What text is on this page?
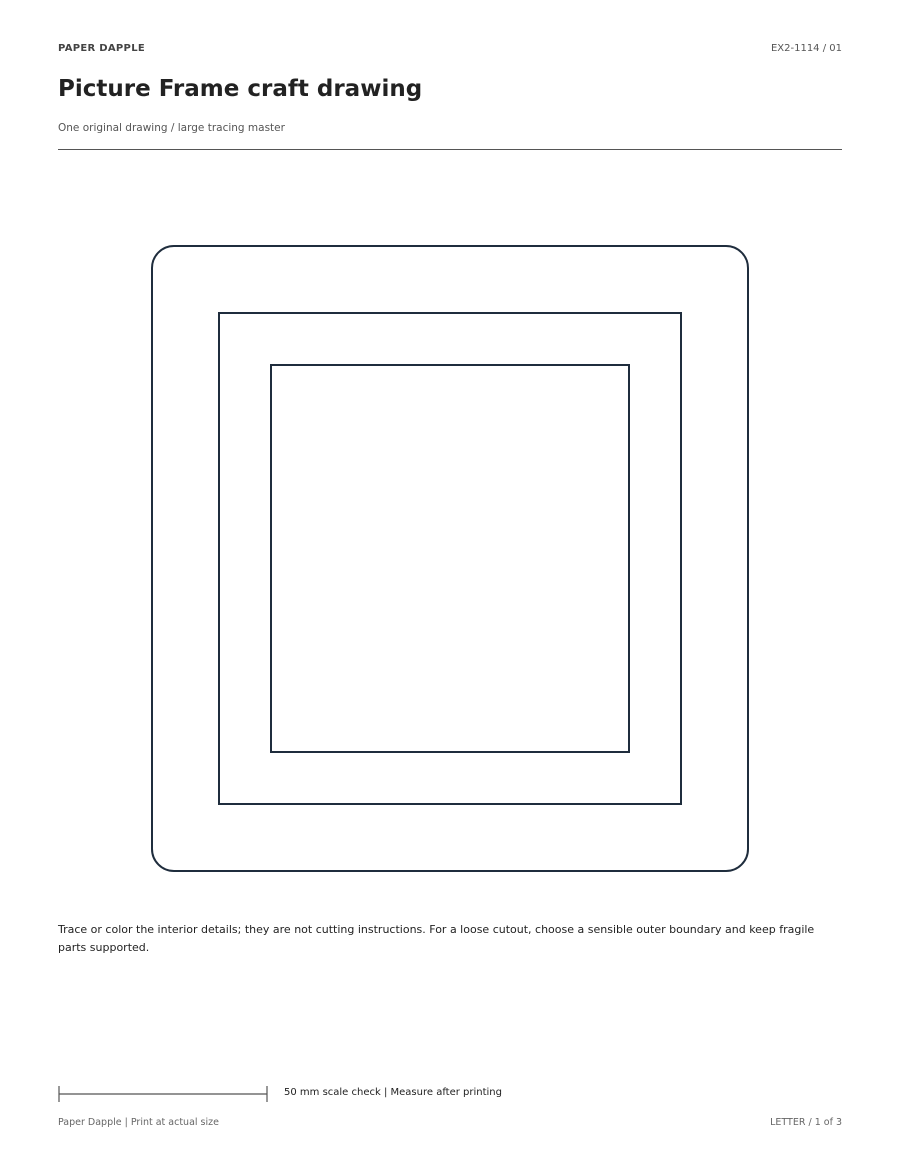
PAPER DAPPLE	EX2-1114 / 01
Picture Frame craft drawing
One original drawing / large tracing master
Trace or color the interior details; they are not cutting instructions. For a loose cutout, choose a sensible outer boundary and keep fragile parts supported.
50 mm scale check | Measure after printing
Paper Dapple | Print at actual size	LETTER / 1 of 3
